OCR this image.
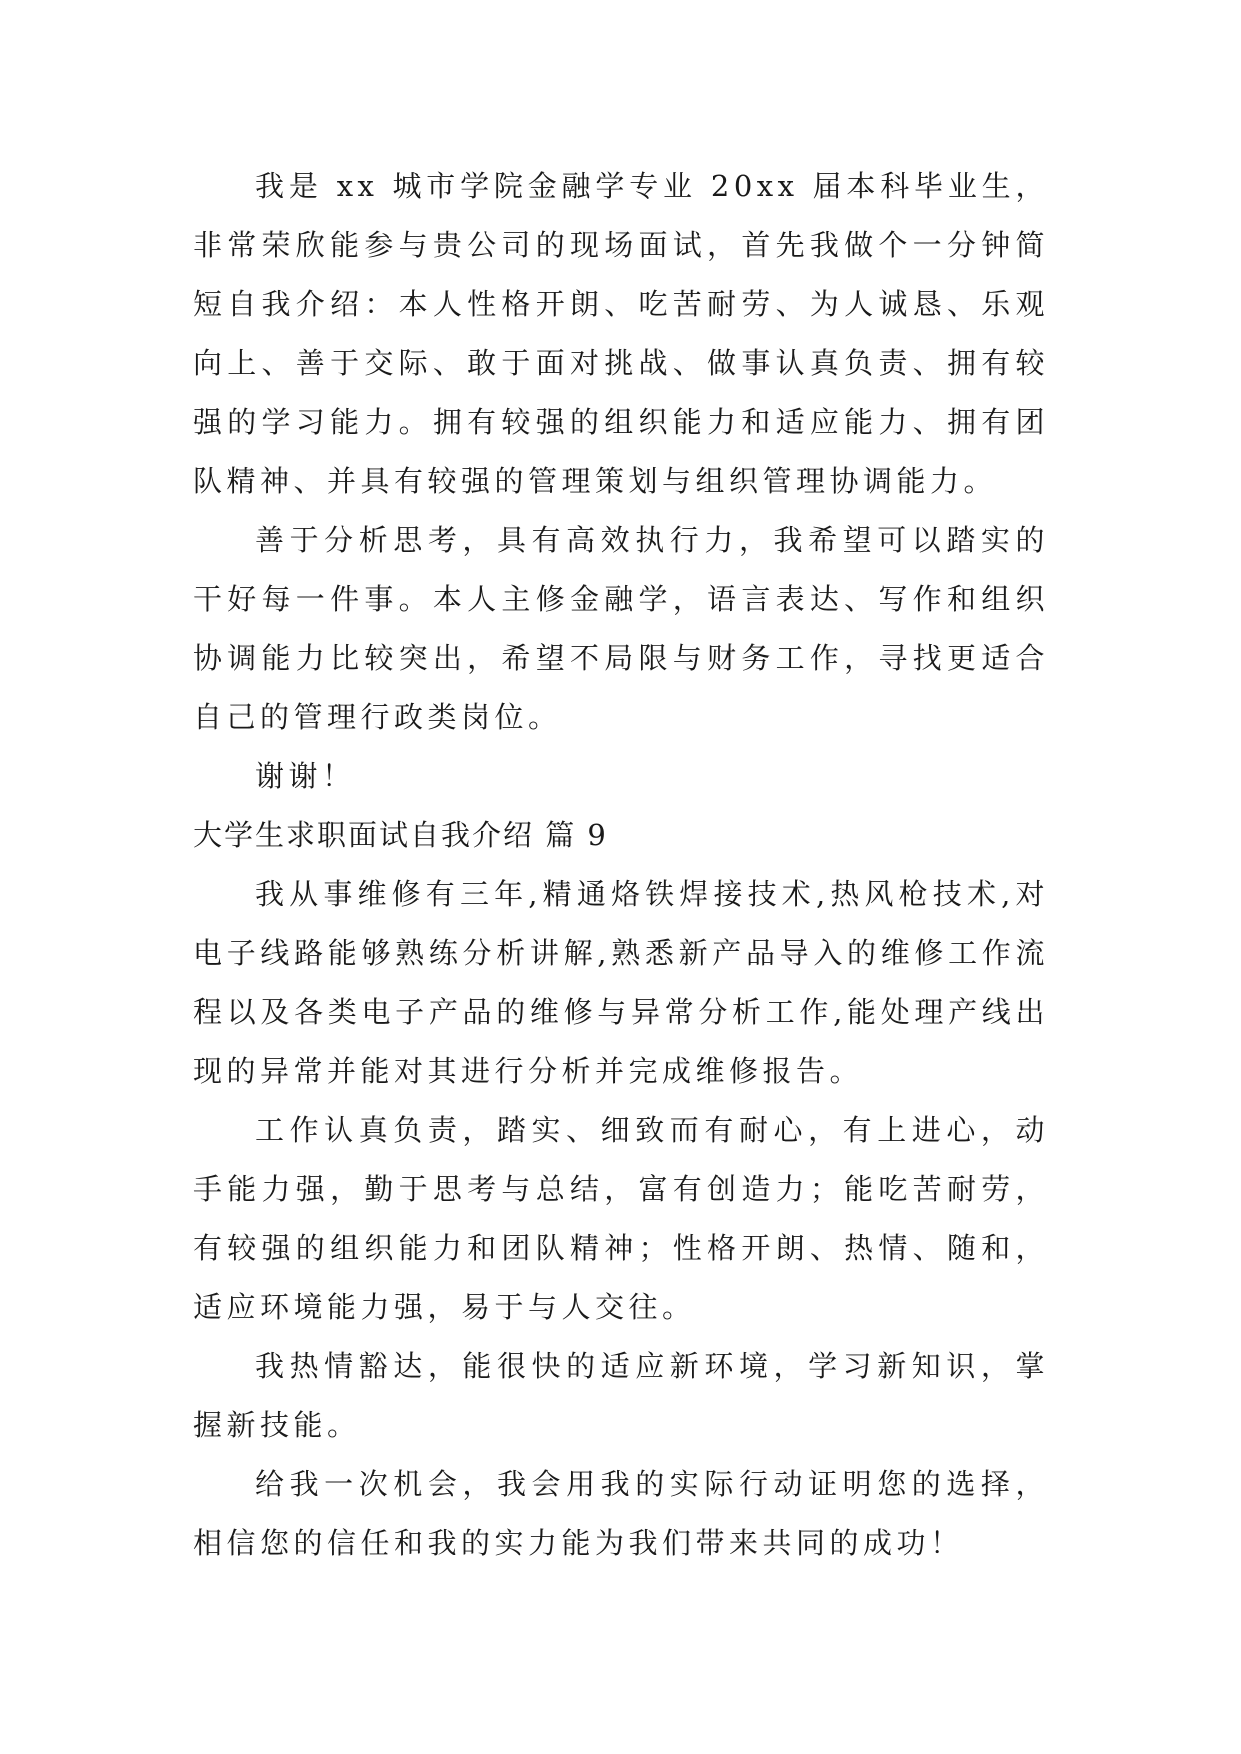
我是 xx 城市学院金融学专业 20xx 届本科毕业生，非常荣欣能参与贵公司的现场面试，首先我做个一分钟简短自我介绍：本人性格开朗、吃苦耐劳、为人诚恳、乐观向上、善于交际、敢于面对挑战、做事认真负责、拥有较强的学习能力。拥有较强的组织能力和适应能力、拥有团队精神、并具有较强的管理策划与组织管理协调能力。

善于分析思考，具有高效执行力，我希望可以踏实的干好每一件事。本人主修金融学，语言表达、写作和组织协调能力比较突出，希望不局限与财务工作，寻找更适合自己的管理行政类岗位。

谢谢！

大学生求职面试自我介绍 篇 9

我从事维修有三年,精通烙铁焊接技术,热风枪技术,对电子线路能够熟练分析讲解,熟悉新产品导入的维修工作流程以及各类电子产品的维修与异常分析工作,能处理产线出现的异常并能对其进行分析并完成维修报告。

工作认真负责，踏实、细致而有耐心，有上进心，动手能力强，勤于思考与总结，富有创造力；能吃苦耐劳，有较强的组织能力和团队精神；性格开朗、热情、随和，适应环境能力强，易于与人交往。

我热情豁达，能很快的适应新环境，学习新知识，掌握新技能。

给我一次机会，我会用我的实际行动证明您的选择，相信您的信任和我的实力能为我们带来共同的成功！
